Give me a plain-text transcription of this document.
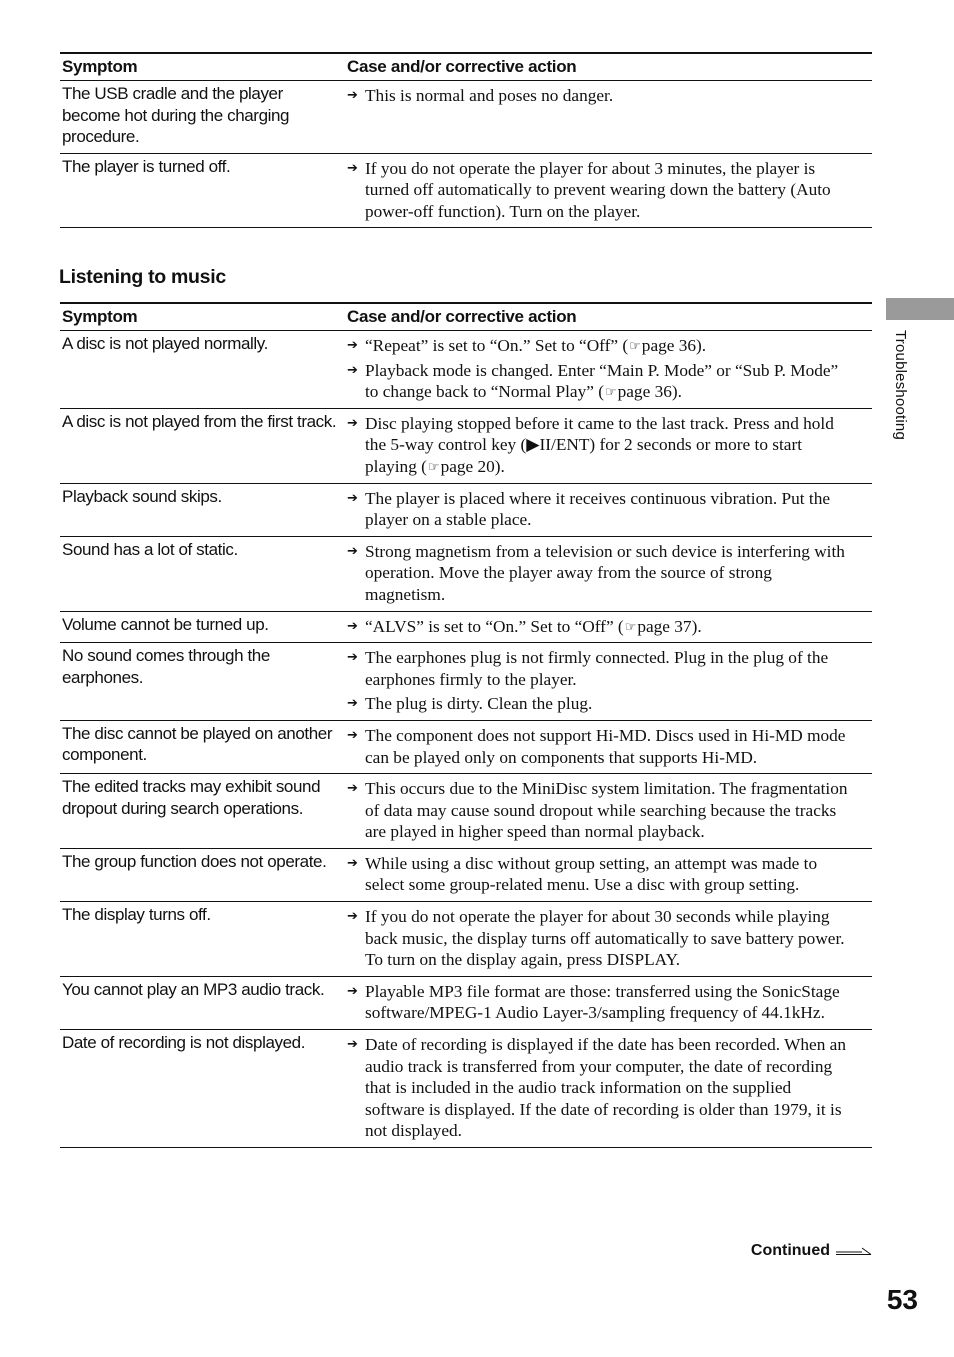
Symptom	Case and/or corrective action
The USB cradle and the player become hot during the charging procedure.	➔ This is normal and poses no danger.

The player is turned off.	➔ If you do not operate the player for about 3 minutes, the player is turned off automatically to prevent wearing down the battery (Auto power-off function). Turn on the player.
Listening to music
Symptom	Case and/or corrective action
A disc is not played normally.	➔ “Repeat” is set to “On.” Set to “Off” (☞page 36).
➔ Playback mode is changed. Enter “Main P. Mode” or “Sub P. Mode” to change back to “Normal Play” (☞page 36).

A disc is not played from the first track.	➔ Disc playing stopped before it came to the last track. Press and hold the 5-way control key (▶II/ENT) for 2 seconds or more to start playing (☞page 20).

Playback sound skips.	➔ The player is placed where it receives continuous vibration. Put the player on a stable place.

Sound has a lot of static.	➔ Strong magnetism from a television or such device is interfering with operation. Move the player away from the source of strong magnetism.

Volume cannot be turned up.	➔ “ALVS” is set to “On.” Set to “Off” (☞page 37).

No sound comes through the earphones.	➔ The earphones plug is not firmly connected. Plug in the plug of the earphones firmly to the player.
➔ The plug is dirty. Clean the plug.

The disc cannot be played on another component.	➔ The component does not support Hi-MD. Discs used in Hi-MD mode can be played only on components that supports Hi-MD.

The edited tracks may exhibit sound dropout during search operations.	➔ This occurs due to the MiniDisc system limitation. The fragmentation of data may cause sound dropout while searching because the tracks are played in higher speed than normal playback.

The group function does not operate.	➔ While using a disc without group setting, an attempt was made to select some group-related menu. Use a disc with group setting.

The display turns off.	➔ If you do not operate the player for about 30 seconds while playing back music, the display turns off automatically to save battery power. To turn on the display again, press DISPLAY.

You cannot play an MP3 audio track.	➔ Playable MP3 file format are those: transferred using the SonicStage software/MPEG-1 Audio Layer-3/sampling frequency of 44.1kHz.

Date of recording is not displayed.	➔ Date of recording is displayed if the date has been recorded. When an audio track is transferred from your computer, the date of recording that is included in the audio track information on the supplied software is displayed. If the date of recording is older than 1979, it is not displayed.
Troubleshooting
Continued
53
